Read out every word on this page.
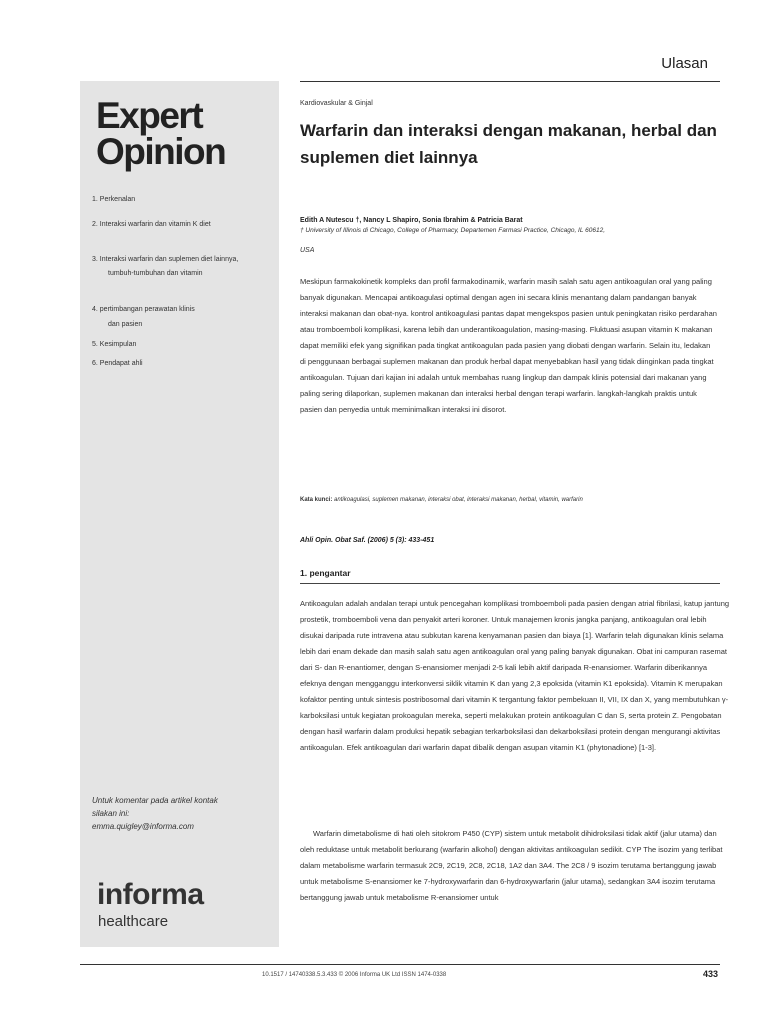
Ulasan
Expert
Opinion
1. Perkenalan
2. Interaksi warfarin dan vitamin K diet
3. Interaksi warfarin dan suplemen diet lainnya,
tumbuh-tumbuhan dan vitamin
4. pertimbangan perawatan klinis
dan pasien
5. Kesimpulan
6. Pendapat ahli
Untuk komentar pada artikel kontak
silakan ini:
emma.quigley@informa.com
informa
healthcare
Kardiovaskular & Ginjal
Warfarin dan interaksi dengan makanan, herbal dan suplemen diet lainnya
Edith A Nutescu †, Nancy L Shapiro, Sonia Ibrahim & Patricia Barat
† University of Illinois di Chicago, College of Pharmacy, Departemen Farmasi Practice, Chicago, IL 60612,
USA

Meskipun farmakokinetik kompleks dan profil farmakodinamik, warfarin masih salah satu agen antikoagulan oral yang paling banyak digunakan. Mencapai antikoagulasi optimal dengan agen ini secara klinis menantang dalam pandangan banyak interaksi makanan dan obat-nya. kontrol antikoagulasi pantas dapat mengekspos pasien untuk peningkatan risiko perdarahan atau tromboemboli komplikasi, karena lebih dan underantikoagulation, masing-masing. Fluktuasi asupan vitamin K makanan dapat memiliki efek yang signifikan pada tingkat antikoagulan pada pasien yang diobati dengan warfarin. Selain itu, ledakan di penggunaan berbagai suplemen makanan dan produk herbal dapat menyebabkan hasil yang tidak diinginkan pada tingkat antikoagulan. Tujuan dari kajian ini adalah untuk membahas ruang lingkup dan dampak klinis potensial dari makanan yang paling sering dilaporkan, suplemen makanan dan interaksi herbal dengan terapi warfarin. langkah-langkah praktis untuk pasien dan penyedia untuk meminimalkan interaksi ini disorot.

Kata kunci: antikoagulasi, suplemen makanan, interaksi obat, interaksi makanan, herbal, vitamin, warfarin
Ahli Opin. Obat Saf. (2006) 5 (3): 433-451
1. pengantar

Antikoagulan adalah andalan terapi untuk pencegahan komplikasi tromboemboli pada pasien dengan atrial fibrilasi, katup jantung prostetik, tromboemboli vena dan penyakit arteri koroner. Untuk manajemen kronis jangka panjang, antikoagulan oral lebih disukai daripada rute intravena atau subkutan karena kenyamanan pasien dan biaya [1]. Warfarin telah digunakan klinis selama lebih dari enam dekade dan masih salah satu agen antikoagulan oral yang paling banyak digunakan. Obat ini campuran rasemat dari S- dan R-enantiomer, dengan S-enansiomer menjadi 2-5 kali lebih aktif daripada R-enansiomer. Warfarin diberikannya efeknya dengan mengganggu interkonversi siklik vitamin K dan yang 2,3 epoksida (vitamin K1 epoksida). Vitamin K merupakan kofaktor penting untuk sintesis postribosomal dari vitamin K tergantung faktor pembekuan II, VII, IX dan X, yang membutuhkan γ- karboksilasi untuk kegiatan prokoagulan mereka, seperti melakukan protein antikoagulan C dan S, serta protein Z. Pengobatan dengan hasil warfarin dalam produksi hepatik sebagian terkarboksilasi dan dekarboksilasi protein dengan mengurangi aktivitas antikoagulan. Efek antikoagulan dari warfarin dapat dibalik dengan asupan vitamin K1 (phytonadione) [1-3].

Warfarin dimetabolisme di hati oleh sitokrom P450 (CYP) sistem untuk metabolit dihidroksilasi tidak aktif (jalur utama) dan oleh reduktase untuk metabolit berkurang (warfarin alkohol) dengan aktivitas antikoagulan sedikit. CYP The isozim yang terlibat dalam metabolisme warfarin termasuk 2C9, 2C19, 2C8, 2C18, 1A2 dan 3A4. The 2C8 / 9 isozim terutama bertanggung jawab untuk metabolisme S-enansiomer ke 7-hydroxywarfarin dan 6-hydroxywarfarin (jalur utama), sedangkan 3A4 isozim terutama bertanggung jawab untuk metabolisme R-enansiomer untuk

10.1517 / 14740338.5.3.433 © 2006 Informa UK Ltd ISSN 1474-0338	433
